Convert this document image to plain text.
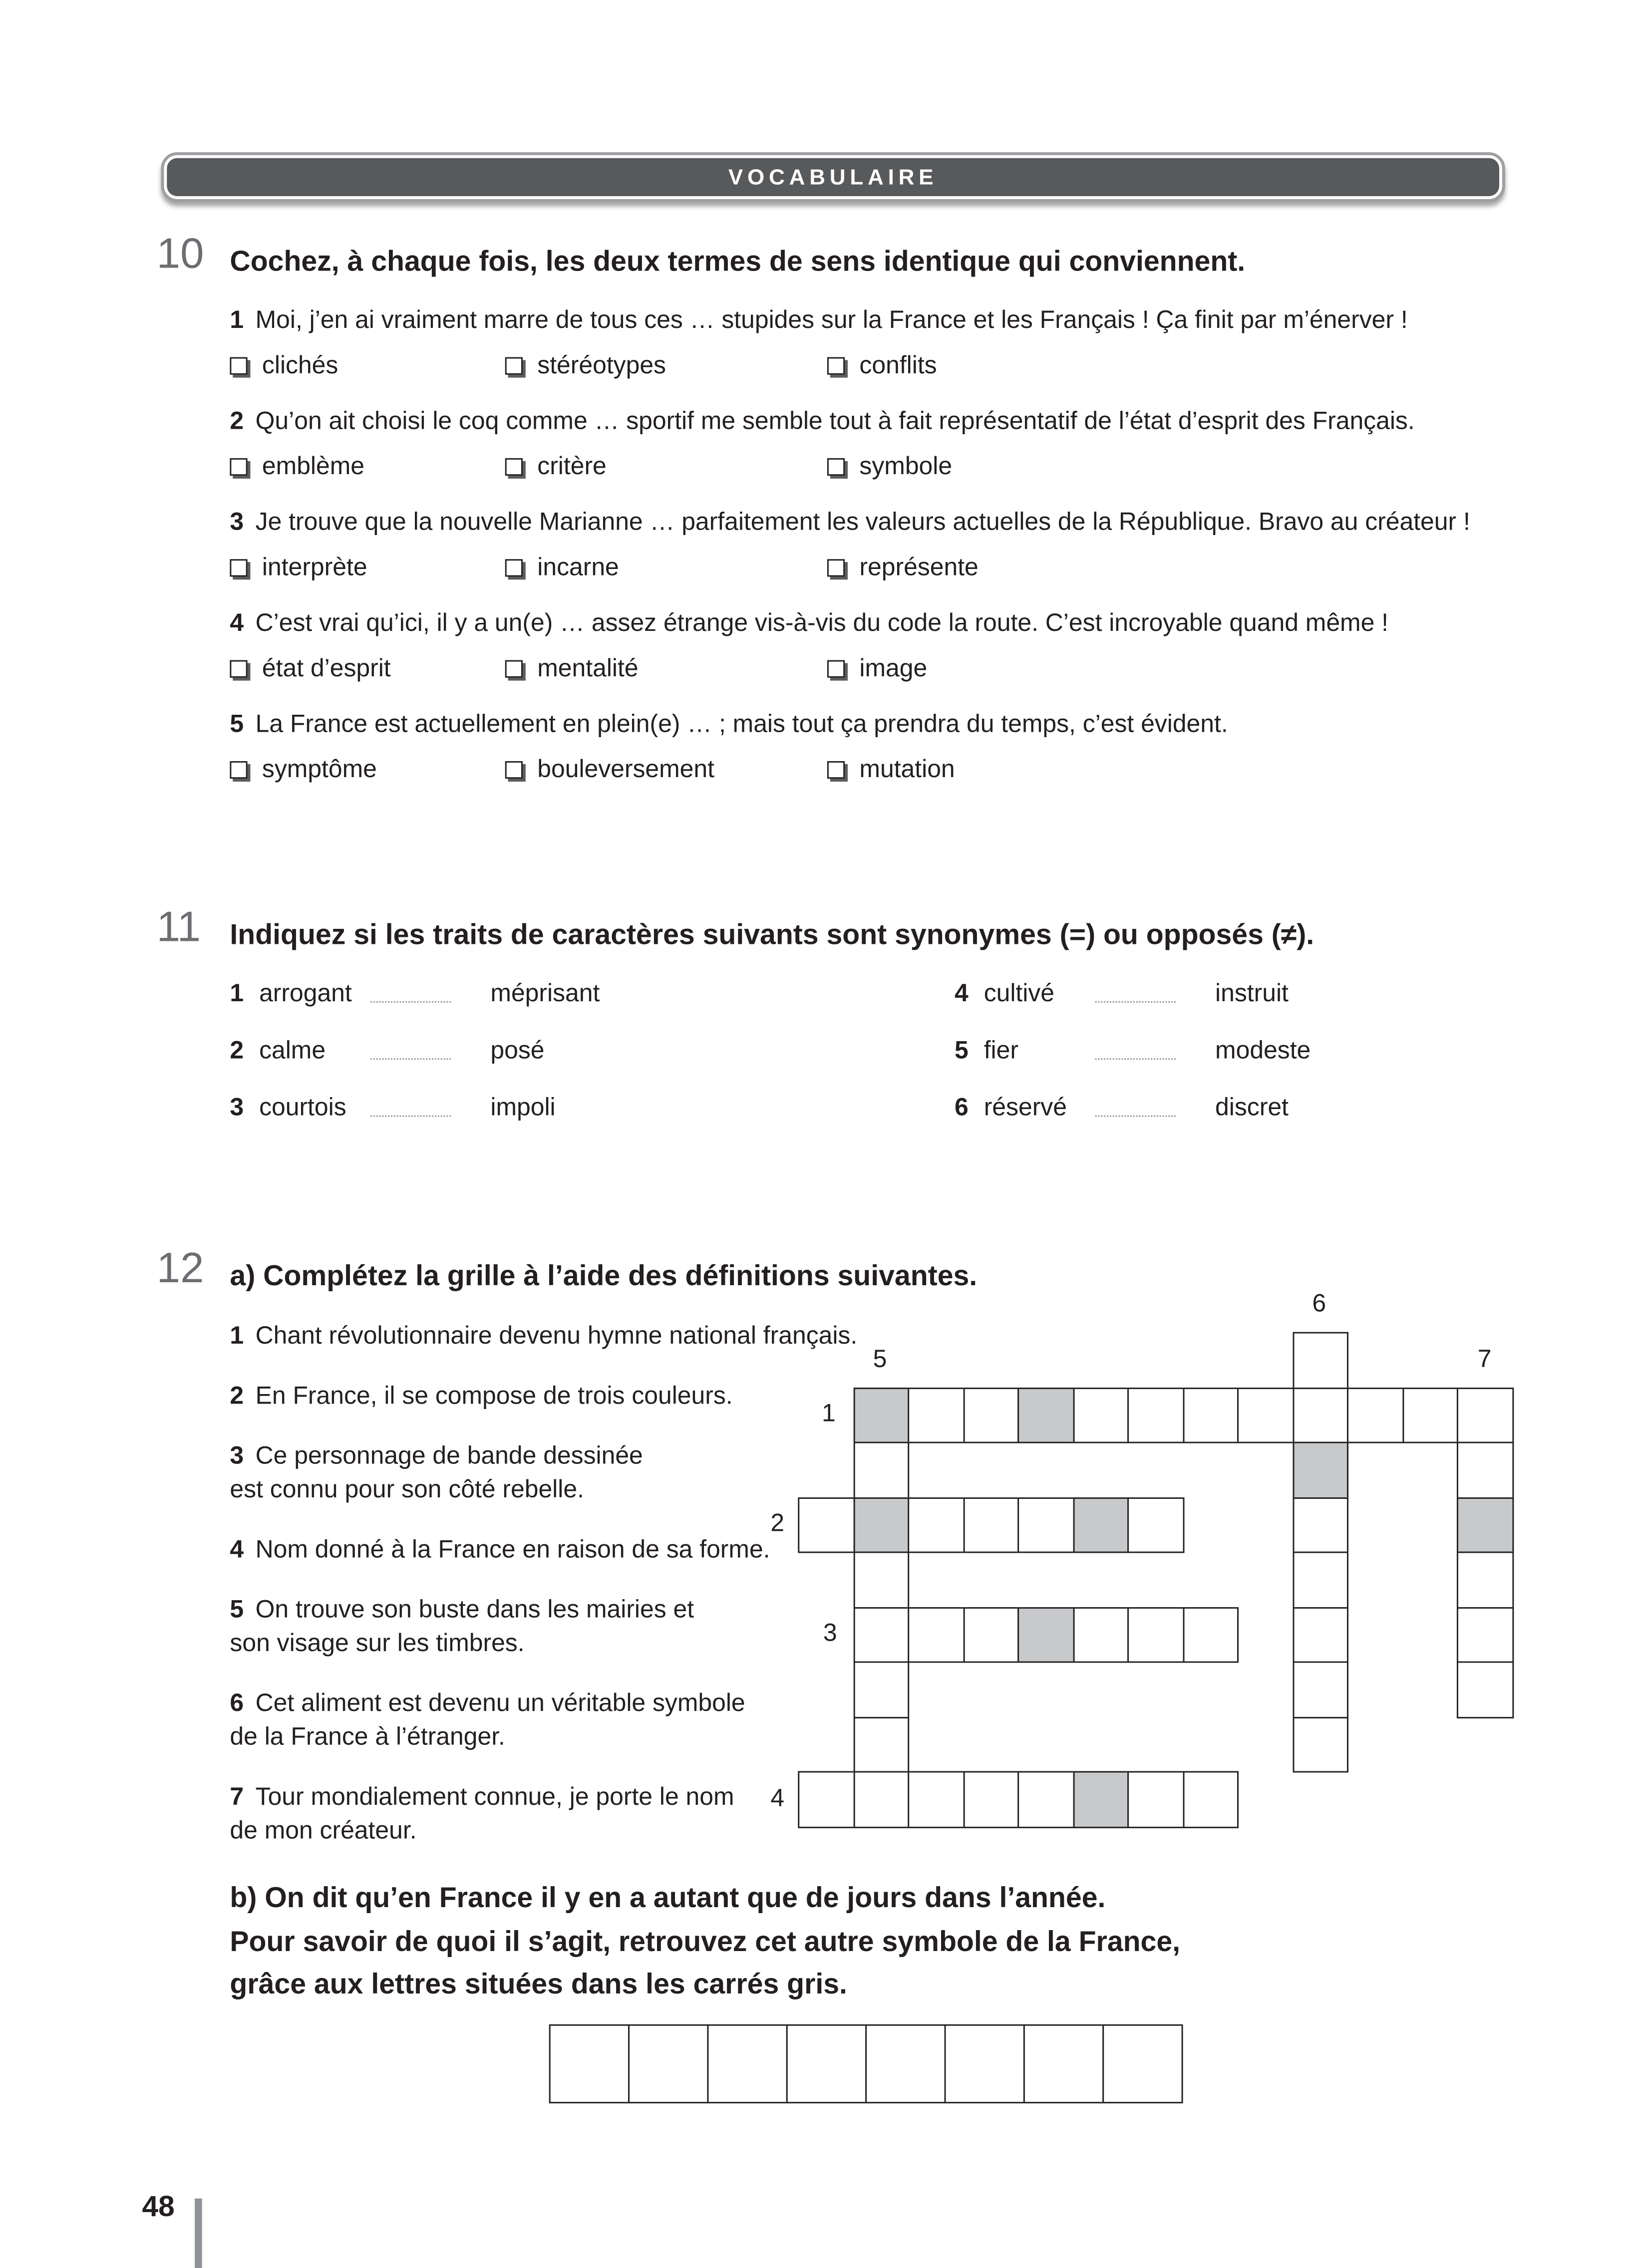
VOCABULAIRE
10	Cochez, à chaque fois, les deux termes de sens identique qui conviennent.
1 Moi, j’en ai vraiment marre de tous ces … stupides sur la France et les Français ! Ça finit par m’énerver !
clichés	stéréotypes	conflits
2 Qu’on ait choisi le coq comme … sportif me semble tout à fait représentatif de l’état d’esprit des Français.
emblème	critère	symbole
3 Je trouve que la nouvelle Marianne … parfaitement les valeurs actuelles de la République. Bravo au créateur !
interprète	incarne	représente
4 C’est vrai qu’ici, il y a un(e) … assez étrange vis-à-vis du code la route. C’est incroyable quand même !
état d’esprit	mentalité	image
5 La France est actuellement en plein(e) … ; mais tout ça prendra du temps, c’est évident.
symptôme	bouleversement	mutation
11	Indiquez si les traits de caractères suivants sont synonymes (=) ou opposés (≠).
1	arrogant	méprisant
2	calme	posé
3	courtois	impoli
4	cultivé	instruit
5	fier	modeste
6	réservé	discret
12	a) Complétez la grille à l’aide des définitions suivantes.
1 Chant révolutionnaire devenu hymne national français.
2 En France, il se compose de trois couleurs.
3 Ce personnage de bande dessinée
est connu pour son côté rebelle.
4 Nom donné à la France en raison de sa forme.
5 On trouve son buste dans les mairies et
son visage sur les timbres.
6 Cet aliment est devenu un véritable symbole
de la France à l’étranger.
7 Tour mondialement connue, je porte le nom
de mon créateur.
1
2
3
4
5
6
7
b) On dit qu’en France il y en a autant que de jours dans l’année.
Pour savoir de quoi il s’agit, retrouvez cet autre symbole de la France,
grâce aux lettres situées dans les carrés gris.
48
